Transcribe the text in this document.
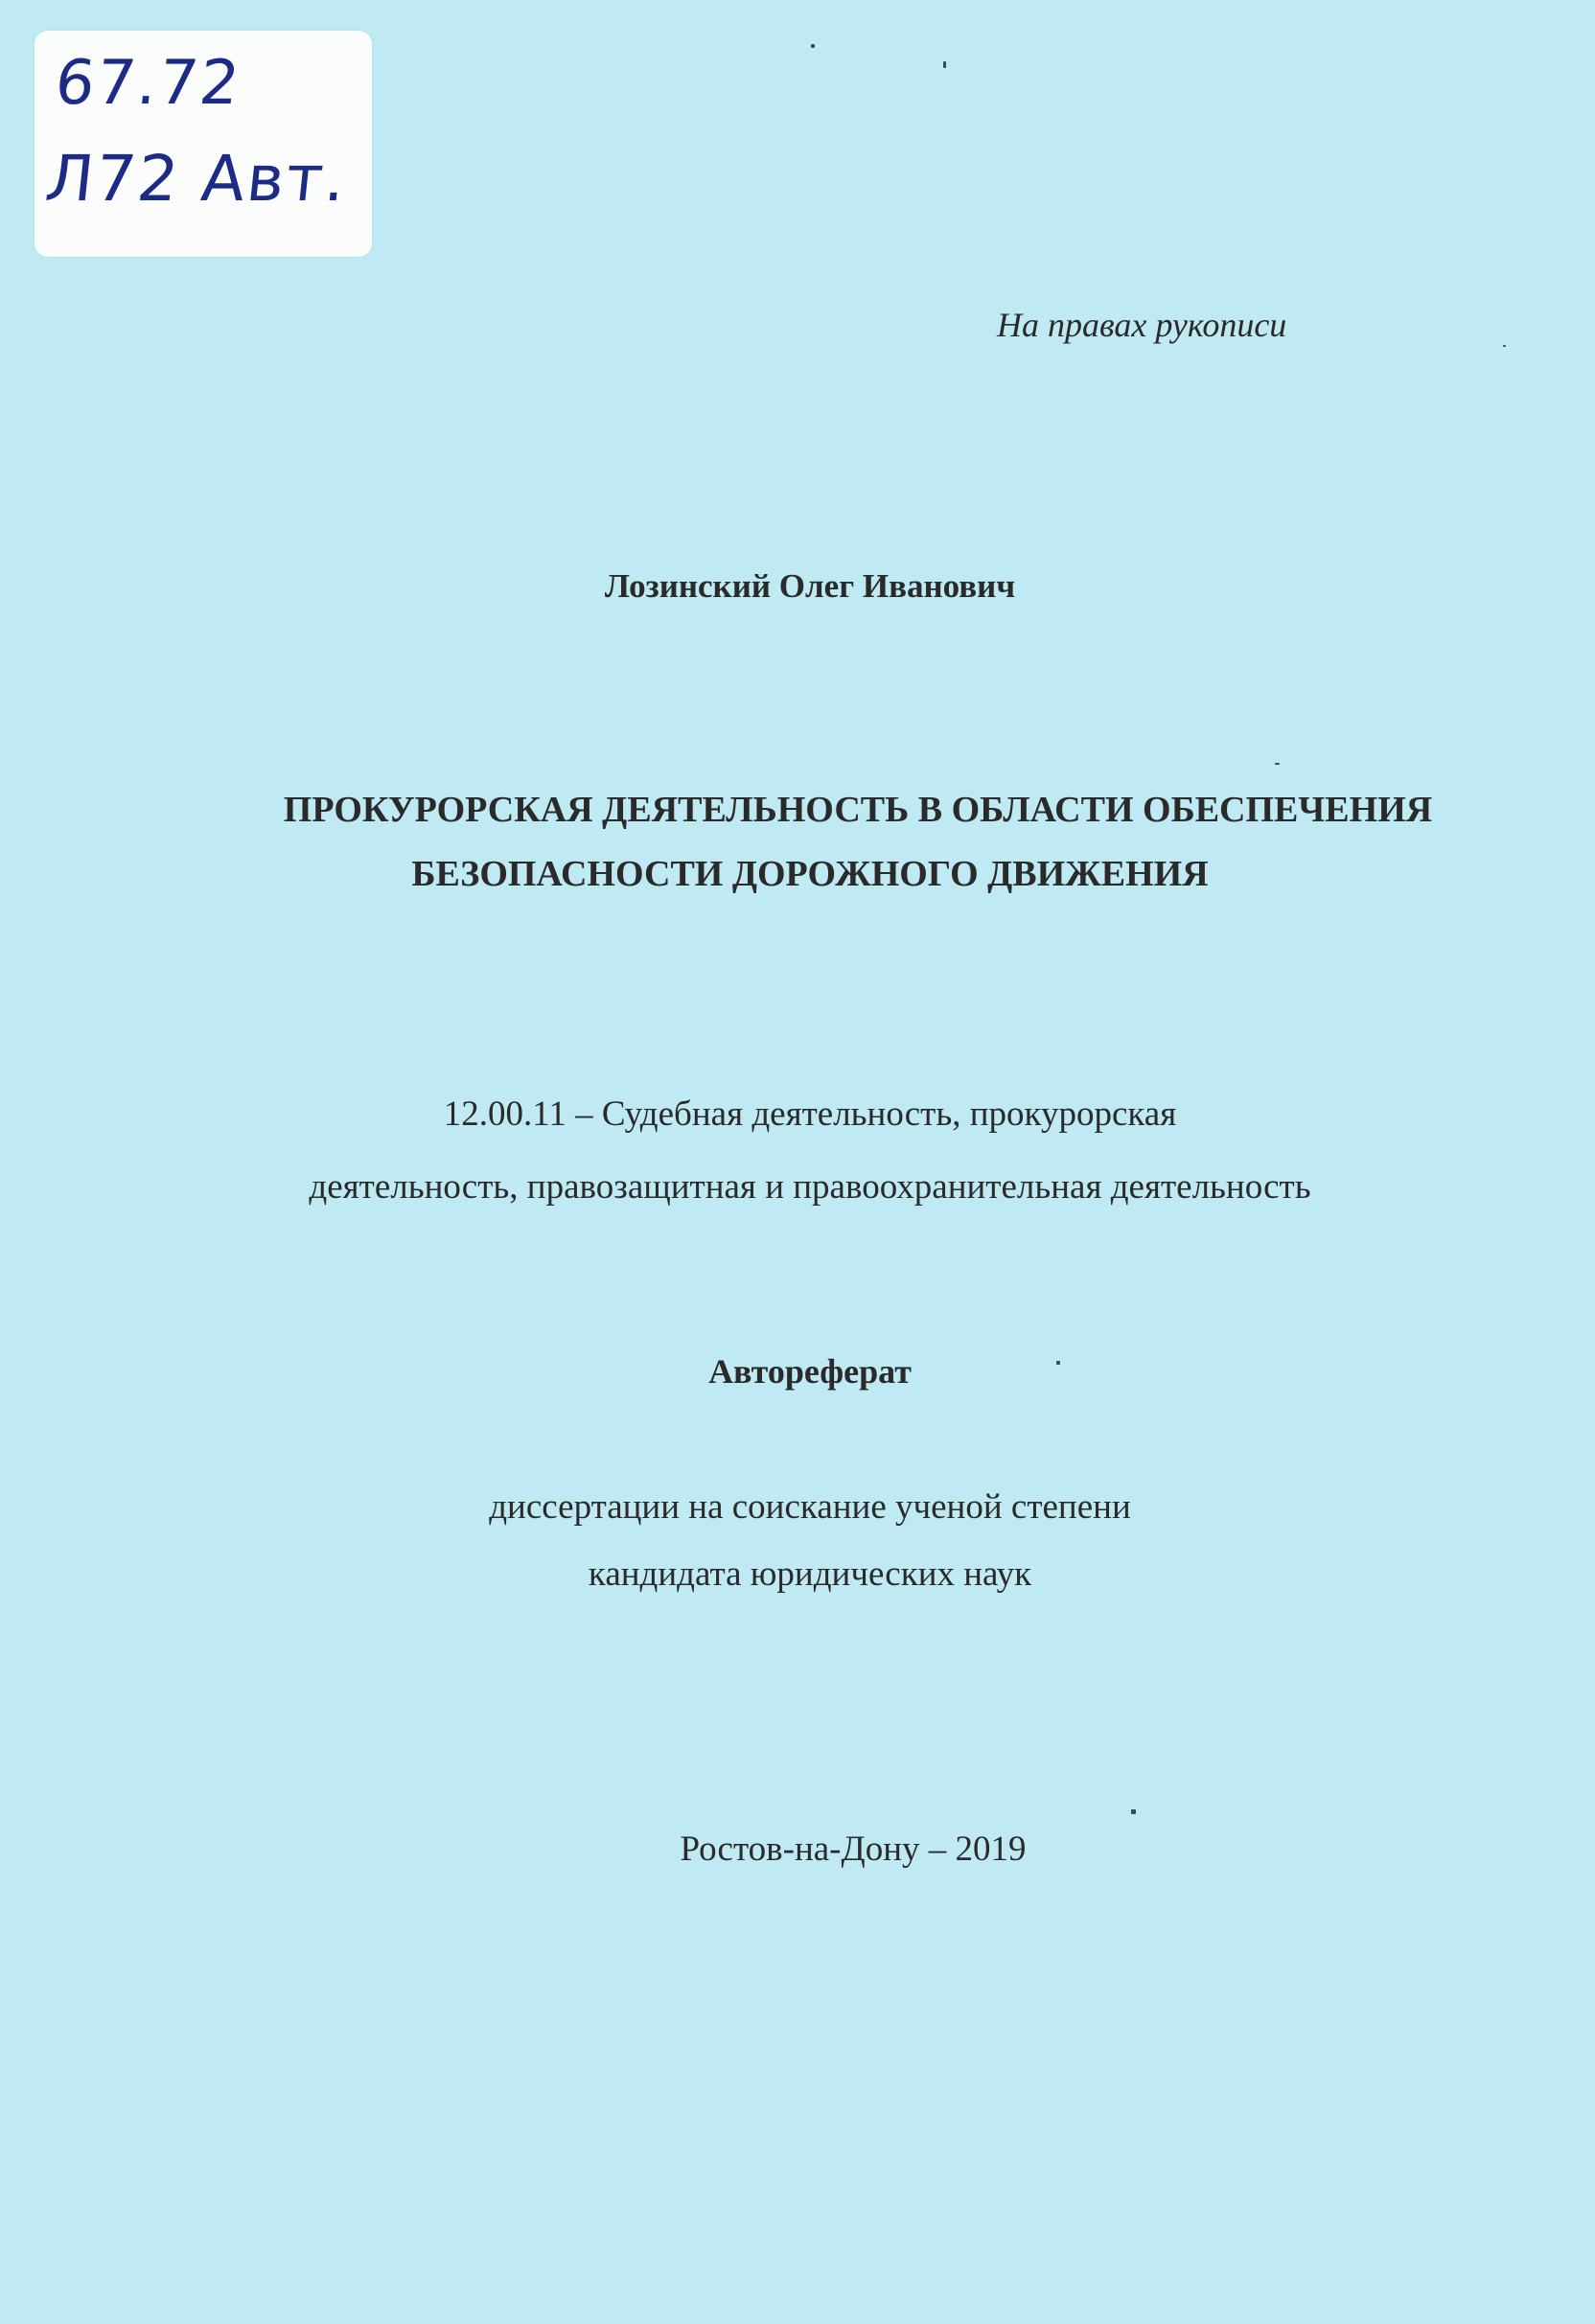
67.72
Л72 Авт.
На правах рукописи
Лозинский Олег Иванович
ПРОКУРОРСКАЯ ДЕЯТЕЛЬНОСТЬ В ОБЛАСТИ ОБЕСПЕЧЕНИЯ
БЕЗОПАСНОСТИ ДОРОЖНОГО ДВИЖЕНИЯ
12.00.11 – Судебная деятельность, прокурорская
деятельность, правозащитная и правоохранительная деятельность
Автореферат
диссертации на соискание ученой степени
кандидата юридических наук
Ростов-на-Дону – 2019
